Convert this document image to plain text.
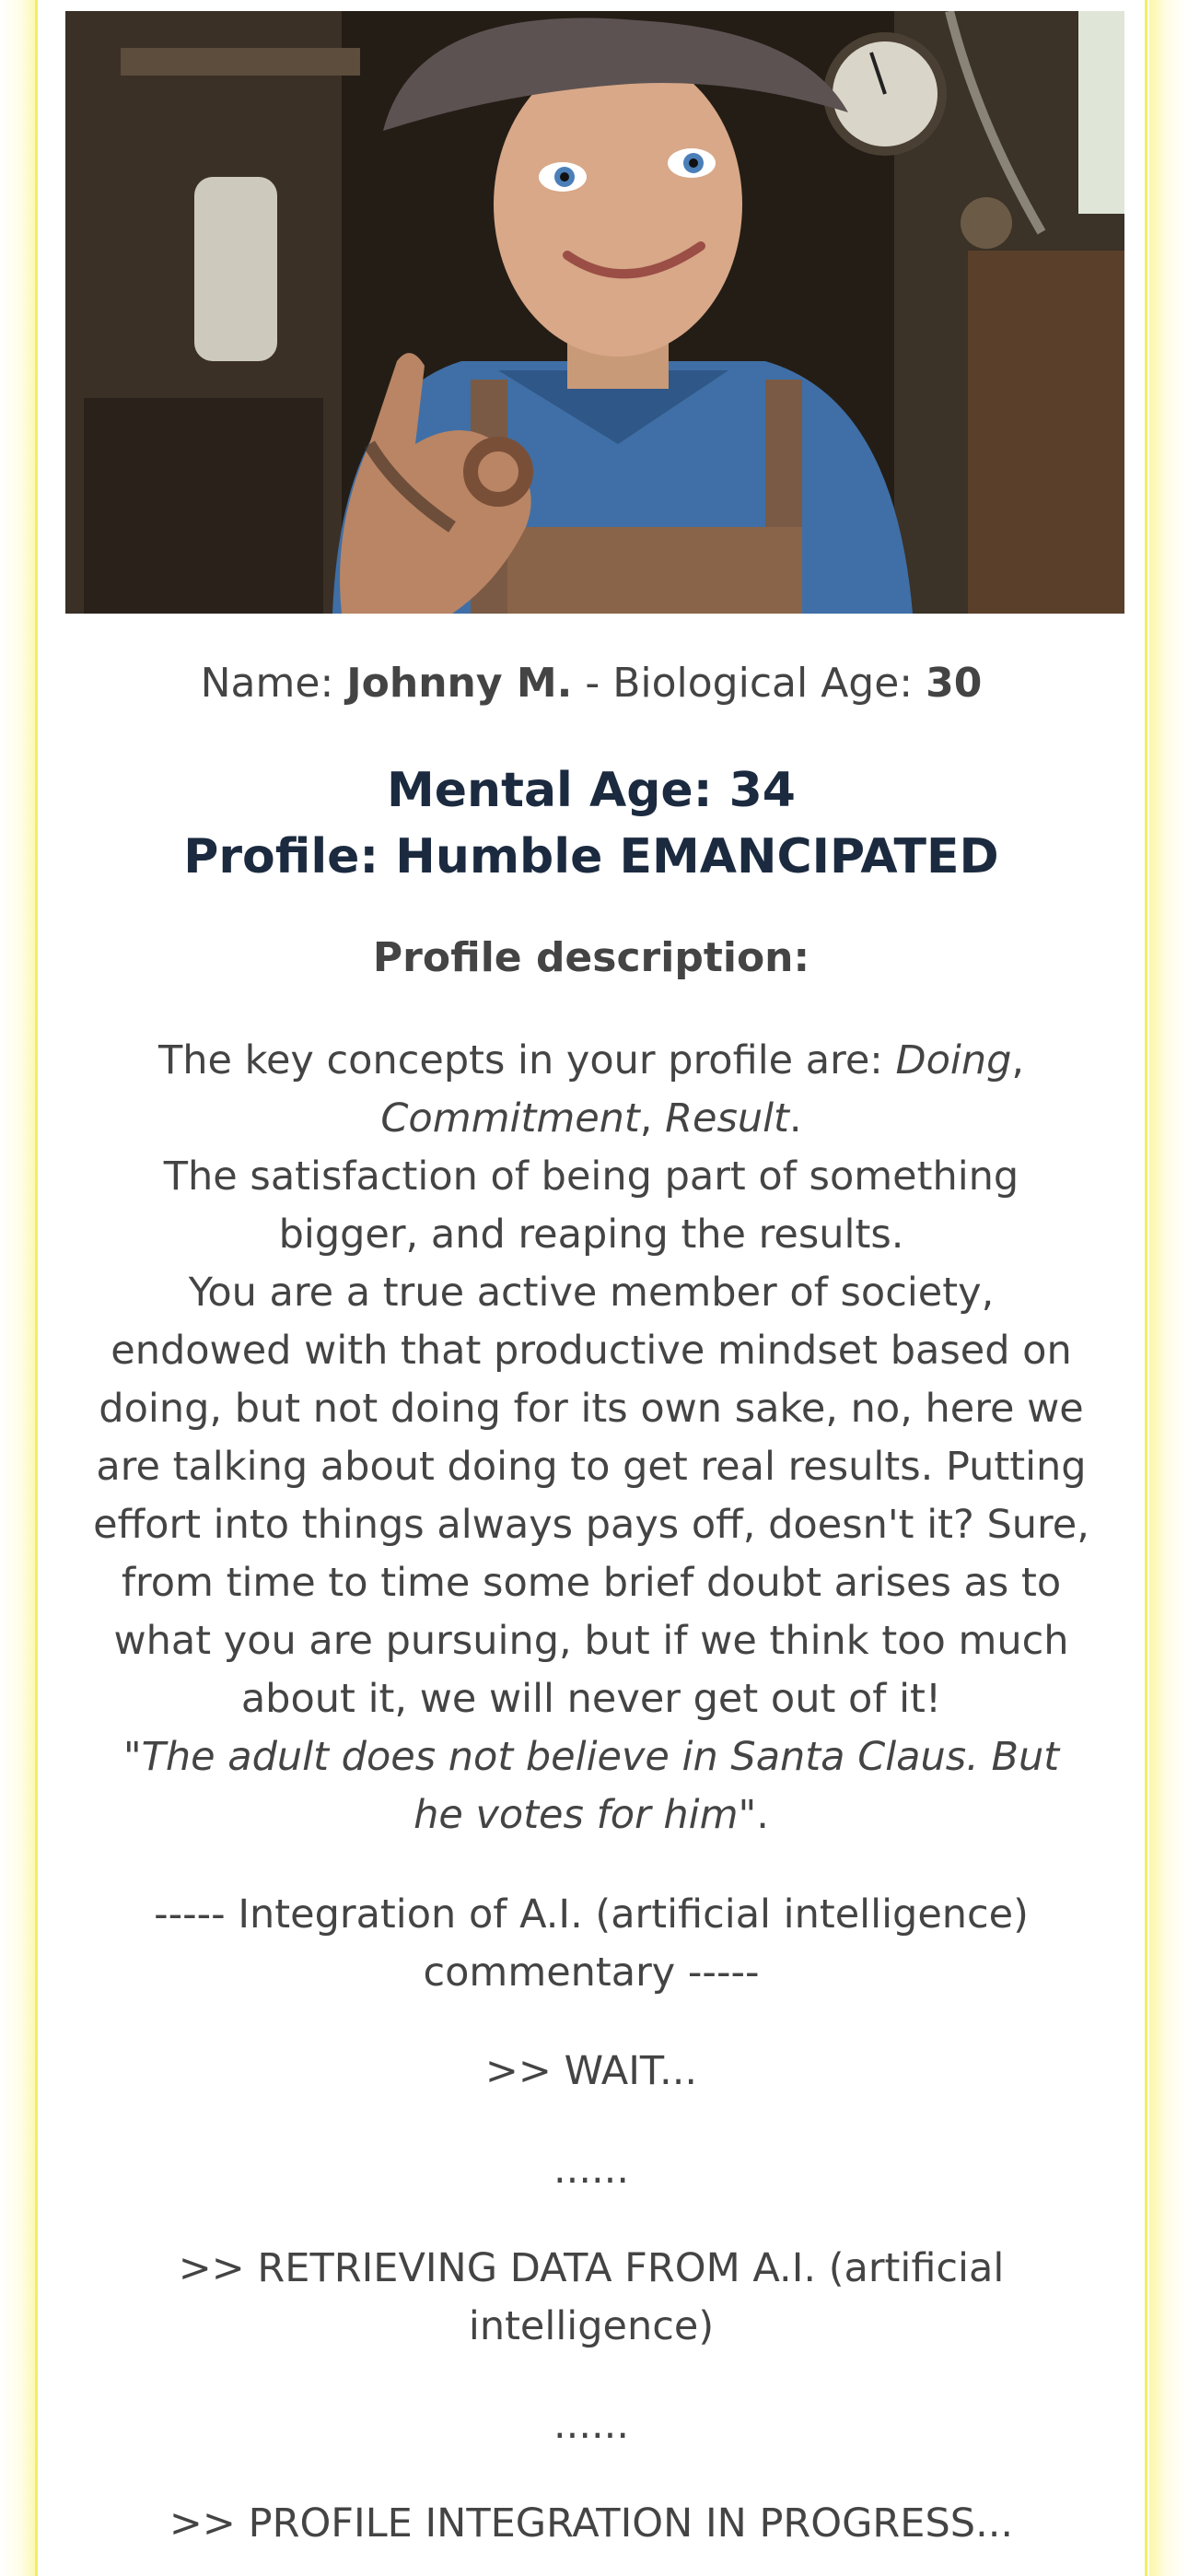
Name: Johnny M. - Biological Age: 30
Mental Age: 34
Profile: Humble EMANCIPATED
Profile description:

The key concepts in your profile are: Doing, Commitment, Result.

The satisfaction of being part of something bigger, and reaping the results.

You are a true active member of society, endowed with that productive mindset based on doing, but not doing for its own sake, no, here we are talking about doing to get real results. Putting effort into things always pays off, doesn't it? Sure, from time to time some brief doubt arises as to what you are pursuing, but if we think too much about it, we will never get out of it!

"The adult does not believe in Santa Claus. But he votes for him".

----- Integration of A.I. (artificial intelligence) commentary -----

>> WAIT...

......

>> RETRIEVING DATA FROM A.I. (artificial intelligence)

......

>> PROFILE INTEGRATION IN PROGRESS...
